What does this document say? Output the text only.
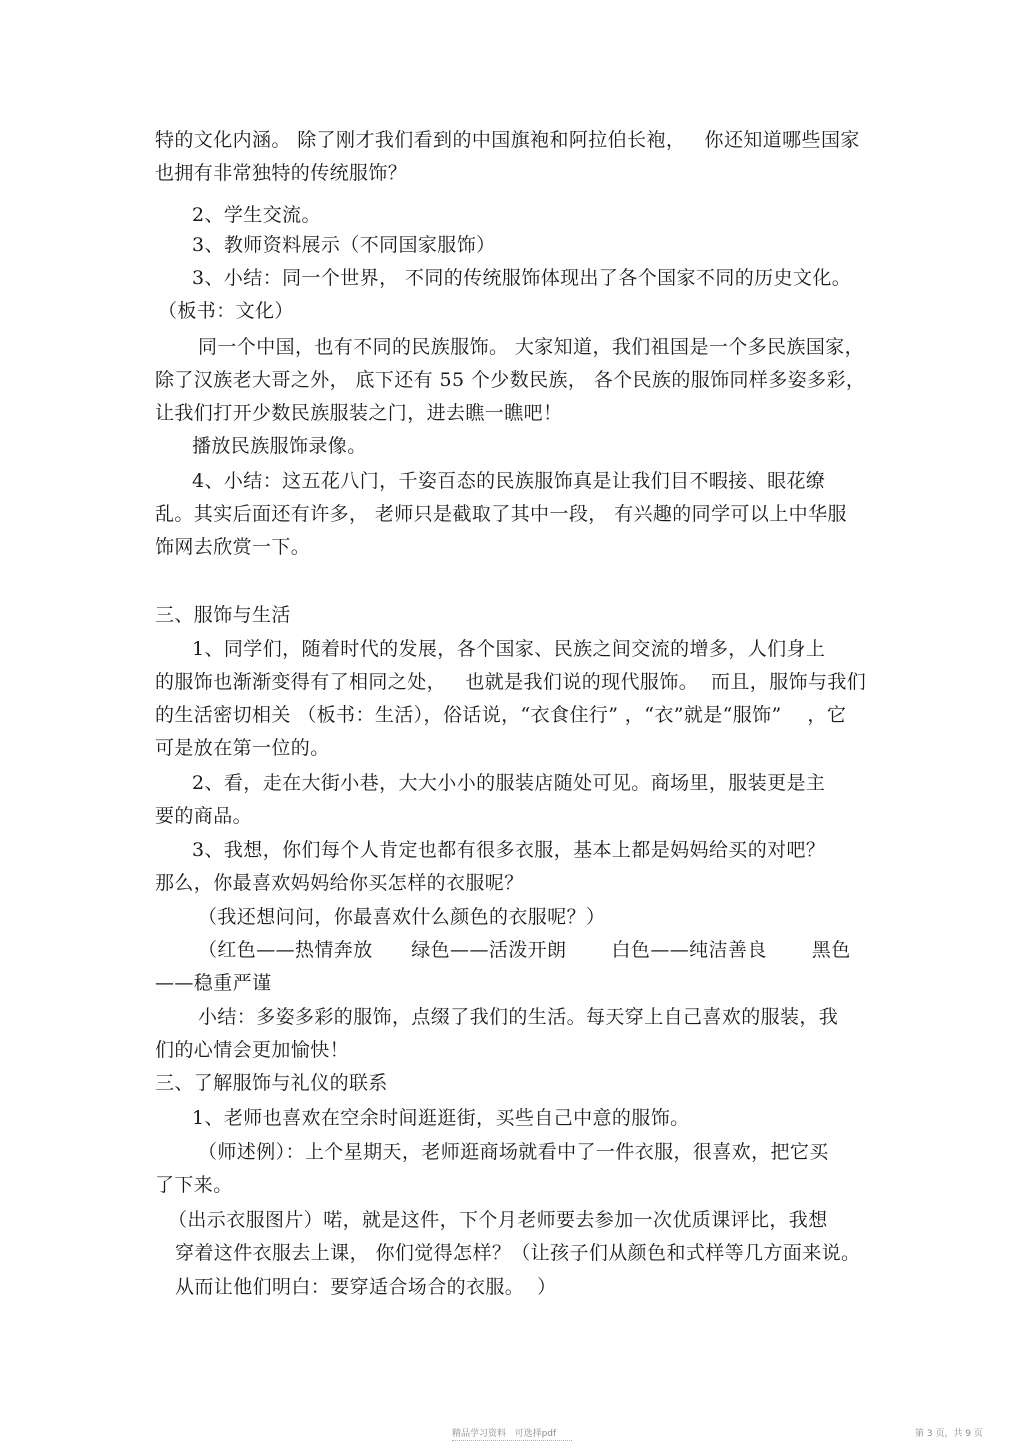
特的文化内涵。 除了刚才我们看到的中国旗袍和阿拉伯长袍，   你还知道哪些国家
也拥有非常独特的传统服饰？
2、学生交流。
3、教师资料展示（不同国家服饰）
3、小结：同一个世界， 不同的传统服饰体现出了各个国家不同的历史文化。
（板书：文化）
同一个中国，也有不同的民族服饰。 大家知道，我们祖国是一个多民族国家，
除了汉族老大哥之外， 底下还有 55 个少数民族， 各个民族的服饰同样多姿多彩，
让我们打开少数民族服装之门，进去瞧一瞧吧！
播放民族服饰录像。
4、小结：这五花八门，千姿百态的民族服饰真是让我们目不暇接、眼花缭
乱。其实后面还有许多， 老师只是截取了其中一段， 有兴趣的同学可以上中华服
饰网去欣赏一下。
三、服饰与生活
1、同学们，随着时代的发展，各个国家、民族之间交流的增多，人们身上
的服饰也渐渐变得有了相同之处，   也就是我们说的现代服饰。  而且，服饰与我们
的生活密切相关 （板书：生活），俗话说，“衣食住行” ，“衣”就是“服饰”    ，它
可是放在第一位的。
2、看，走在大街小巷，大大小小的服装店随处可见。商场里，服装更是主
要的商品。
3、我想，你们每个人肯定也都有很多衣服，基本上都是妈妈给买的对吧？
那么，你最喜欢妈妈给你买怎样的衣服呢？
（我还想问问，你最喜欢什么颜色的衣服呢？）
（红色——热情奔放      绿色——活泼开朗       白色——纯洁善良       黑色
——稳重严谨
小结：多姿多彩的服饰，点缀了我们的生活。每天穿上自己喜欢的服装，我
们的心情会更加愉快！
三、了解服饰与礼仪的联系
1、老师也喜欢在空余时间逛逛街，买些自己中意的服饰。
（师述例）：上个星期天，老师逛商场就看中了一件衣服，很喜欢，把它买
了下来。
（出示衣服图片）喏，就是这件，下个月老师要去参加一次优质课评比，我想
穿着这件衣服去上课， 你们觉得怎样？（让孩子们从颜色和式样等几方面来说。
从而让他们明白：要穿适合场合的衣服。  ）
精品学习资料   可选择pdf	第 3 页，共 9 页
